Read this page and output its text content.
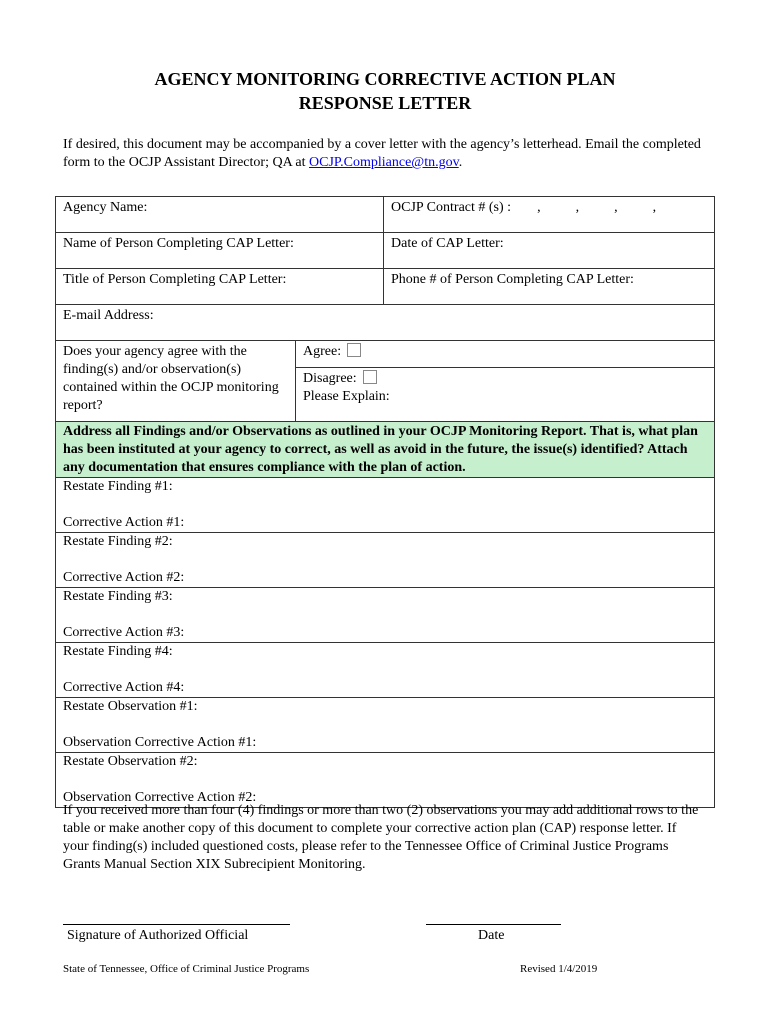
AGENCY MONITORING CORRECTIVE ACTION PLAN
RESPONSE LETTER
If desired, this document may be accompanied by a cover letter with the agency’s letterhead. Email the completed form to the OCJP Assistant Director; QA at OCJP.Compliance@tn.gov.
Agency Name:		OCJP Contract # (s) : ,          ,          ,          ,
Name of Person Completing CAP Letter:		Date of CAP Letter:
Title of Person Completing CAP Letter:		Phone # of Person Completing CAP Letter:
E-mail Address:		
Does your agency agree with the finding(s) and/or observation(s) contained within the OCJP monitoring report?	Agree:	

	Disagree:
Please Explain:	

Address all Findings and/or Observations as outlined in your OCJP Monitoring Report. That is, what plan has been instituted at your agency to correct, as well as avoid in the future, the issue(s) identified? Attach any documentation that ensures compliance with the plan of action.		

Restate Finding #1:
Corrective Action #1:		

Restate Finding #2:
Corrective Action #2:		

Restate Finding #3:
Corrective Action #3:		

Restate Finding #4:
Corrective Action #4:		

Restate Observation #1:
Observation Corrective Action #1:		

Restate Observation #2:
Observation Corrective Action #2:		
If you received more than four (4) findings or more than two (2) observations you may add additional rows to the table or make another copy of this document to complete your corrective action plan (CAP) response letter. If your finding(s) included questioned costs, please refer to the Tennessee Office of Criminal Justice Programs Grants Manual Section XIX Subrecipient Monitoring.
Signature of Authorized Official	Date
State of Tennessee, Office of Criminal Justice Programs	Revised 1/4/2019
